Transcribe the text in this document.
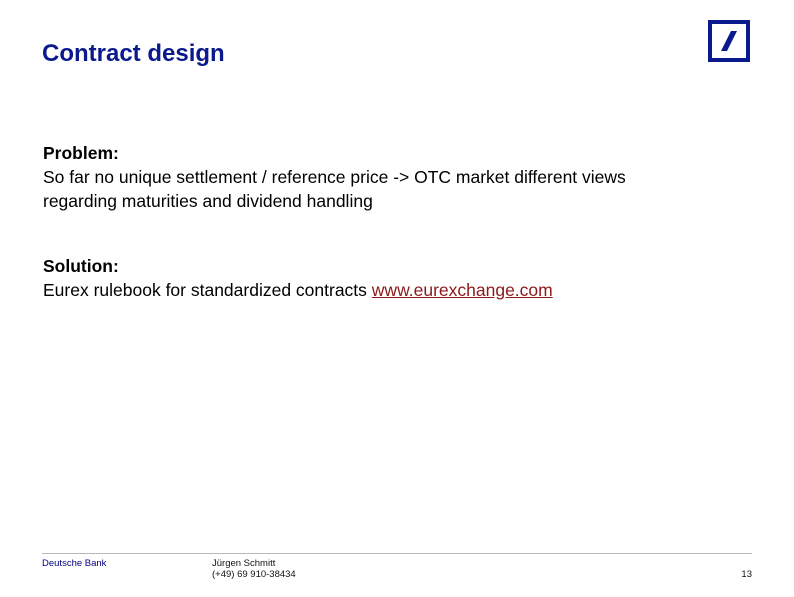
Contract design
Problem:
So far no unique settlement / reference price -> OTC market different views
regarding maturities and dividend handling
Solution:
Eurex rulebook for standardized contracts www.eurexchange.com
Deutsche Bank	Jürgen Schmitt
(+49) 69 910-38434	13
